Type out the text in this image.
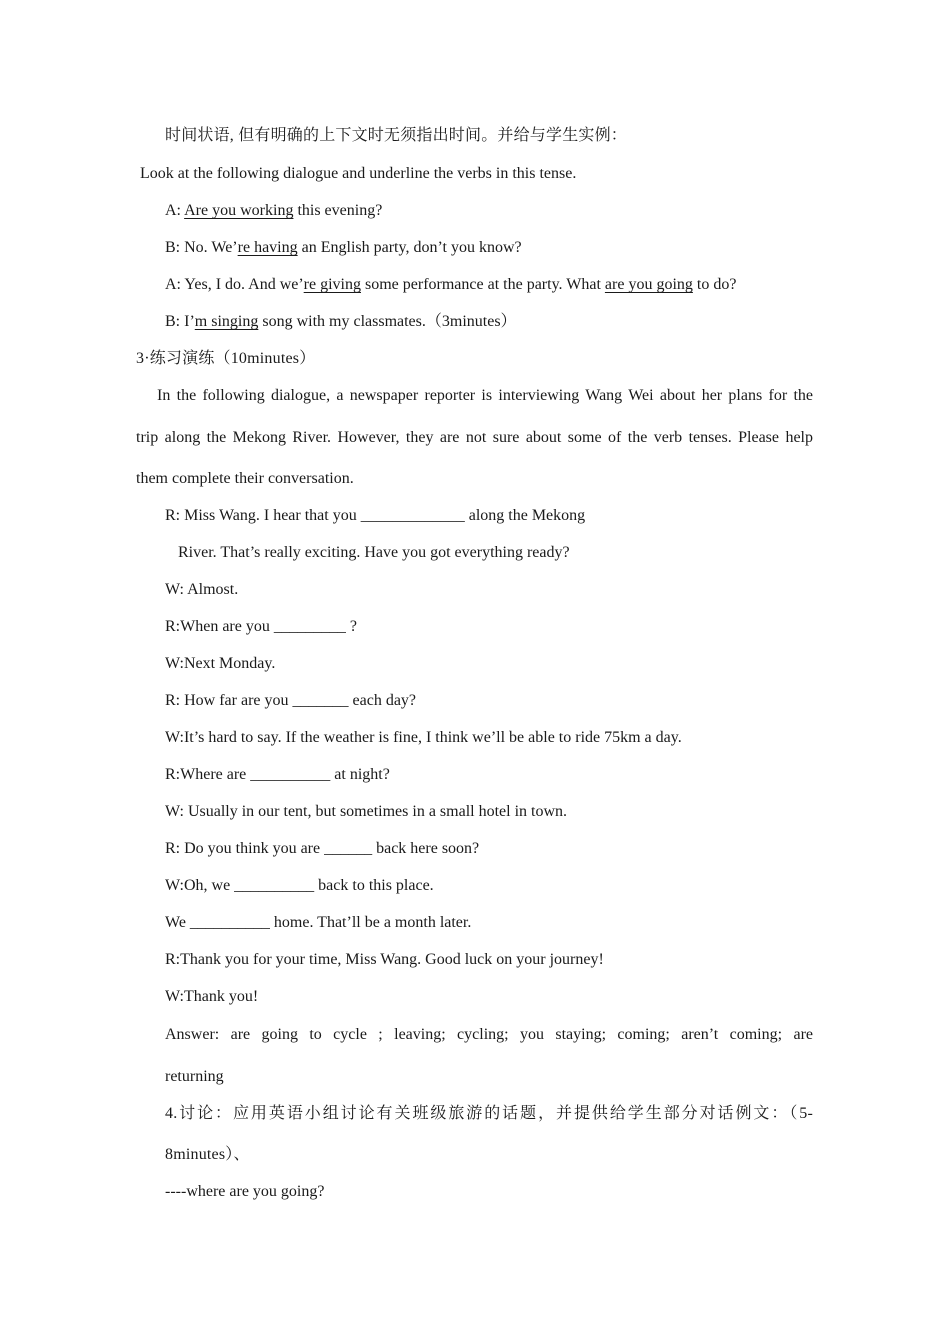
时间状语, 但有明确的上下文时无须指出时间。并给与学生实例：
Look at the following dialogue and underline the verbs in this tense.
A: Are you working this evening?
B: No. We’re having an English party, don’t you know?
A: Yes, I do. And we’re giving some performance at the party. What are you going to do?
B: I’m singing song with my classmates.（3minutes）
3·练习演练（10minutes）
In the following dialogue, a newspaper reporter is interviewing Wang Wei about her plans for the
trip along the Mekong River. However, they are not sure about some of the verb tenses. Please help
them complete their conversation.
R: Miss Wang. I hear that you _____________ along the Mekong
River. That’s really exciting. Have you got everything ready?
W: Almost.
R:When are you _________ ?
W:Next Monday.
R: How far are you _______ each day?
W:It’s hard to say. If the weather is fine, I think we’ll be able to ride 75km a day.
R:Where are __________ at night?
W: Usually in our tent, but sometimes in a small hotel in town.
R: Do you think you are ______ back here soon?
W:Oh, we __________ back to this place.
We __________ home. That’ll be a month later.
R:Thank you for your time, Miss Wang. Good luck on your journey!
W:Thank you!
Answer: are going to cycle ; leaving; cycling; you staying; coming; aren’t coming; are
returning
4.讨论：应用英语小组讨论有关班级旅游的话题，并提供给学生部分对话例文：（5-
8minutes）、
----where are you going?
